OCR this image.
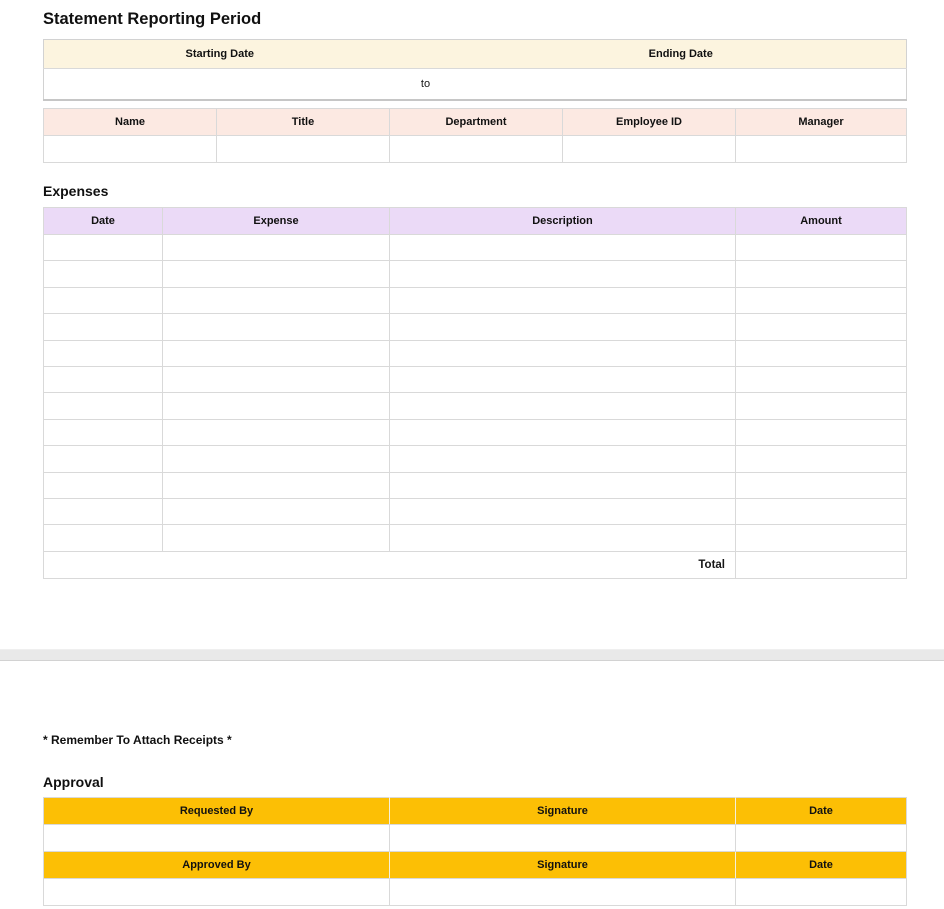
Statement Reporting Period
Starting Date		Ending Date
	to	
Name	Title	Department	Employee ID	Manager

Expenses
Date	Expense	Description	Amount

Total			

* Remember To Attach Receipts *

Approval
Requested By	Signature	Date

Approved By	Signature	Date
